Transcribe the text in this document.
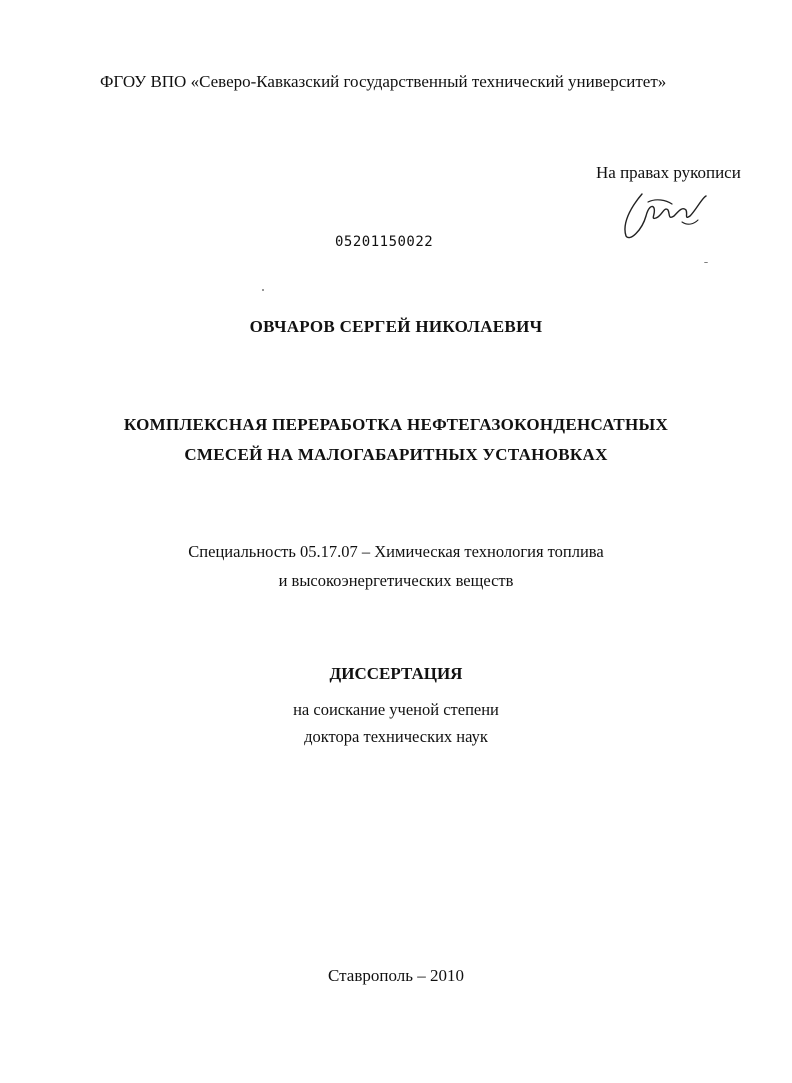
ФГОУ ВПО «Северо-Кавказский государственный технический университет»
На правах рукописи
05201150022
ОВЧАРОВ СЕРГЕЙ НИКОЛАЕВИЧ
КОМПЛЕКСНАЯ ПЕРЕРАБОТКА НЕФТЕГАЗОКОНДЕНСАТНЫХ
СМЕСЕЙ НА МАЛОГАБАРИТНЫХ УСТАНОВКАХ
Специальность 05.17.07 – Химическая технология топлива
и высокоэнергетических веществ
ДИССЕРТАЦИЯ
на соискание ученой степени
доктора технических наук
Ставрополь – 2010
